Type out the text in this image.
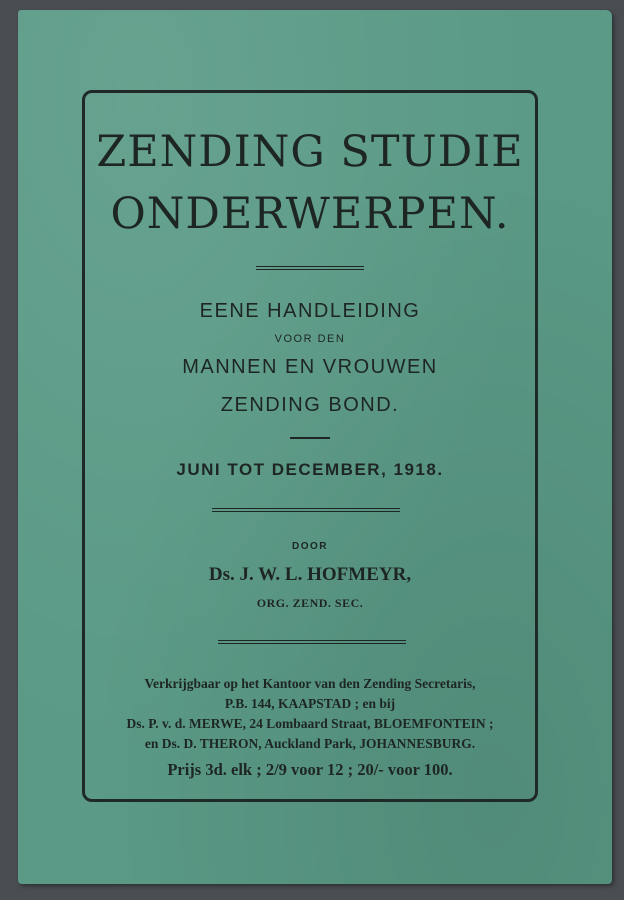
ZENDING STUDIE
ONDERWERPEN.
EENE HANDLEIDING
VOOR DEN
MANNEN EN VROUWEN
ZENDING BOND.
JUNI TOT DECEMBER, 1918.
DOOR
Ds. J. W. L. HOFMEYR,
ORG. ZEND. SEC.
Verkrijgbaar op het Kantoor van den Zending Secretaris,
P.B. 144, KAAPSTAD ; en bij
Ds. P. v. d. MERWE, 24 Lombaard Straat, BLOEMFONTEIN ;
en Ds. D. THERON, Auckland Park, JOHANNESBURG.
Prijs 3d. elk ; 2/9 voor 12 ; 20/- voor 100.
